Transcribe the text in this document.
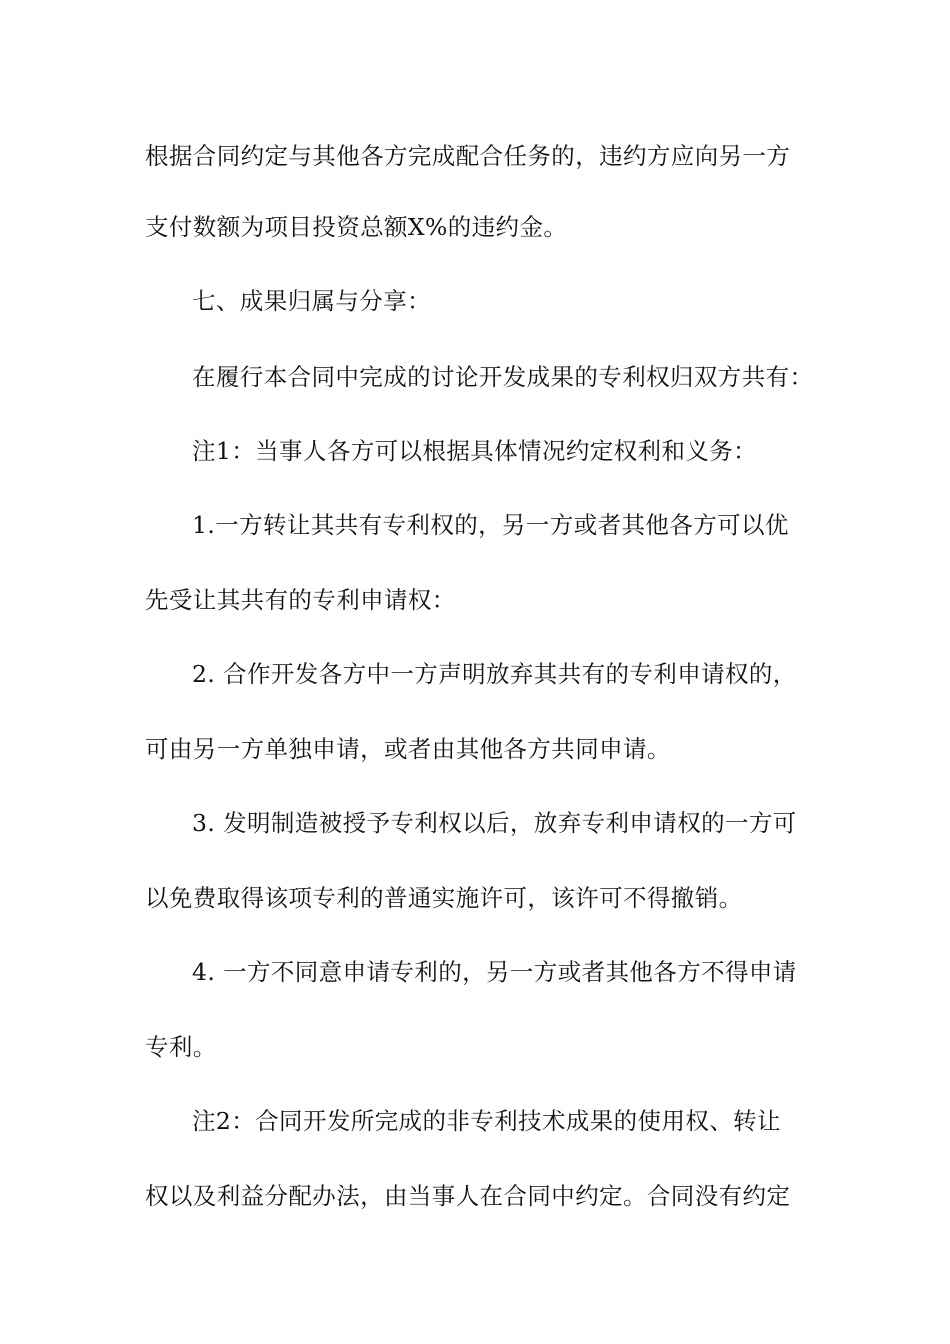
根据合同约定与其他各方完成配合任务的，违约方应向另一方
支付数额为项目投资总额X%的违约金。
七、成果归属与分享：
在履行本合同中完成的讨论开发成果的专利权归双方共有：
注1：当事人各方可以根据具体情况约定权利和义务：
1.一方转让其共有专利权的，另一方或者其他各方可以优
先受让其共有的专利申请权：
2. 合作开发各方中一方声明放弃其共有的专利申请权的，
可由另一方单独申请，或者由其他各方共同申请。
3. 发明制造被授予专利权以后，放弃专利申请权的一方可
以免费取得该项专利的普通实施许可，该许可不得撤销。
4. 一方不同意申请专利的，另一方或者其他各方不得申请
专利。
注2：合同开发所完成的非专利技术成果的使用权、转让
权以及利益分配办法，由当事人在合同中约定。合同没有约定
